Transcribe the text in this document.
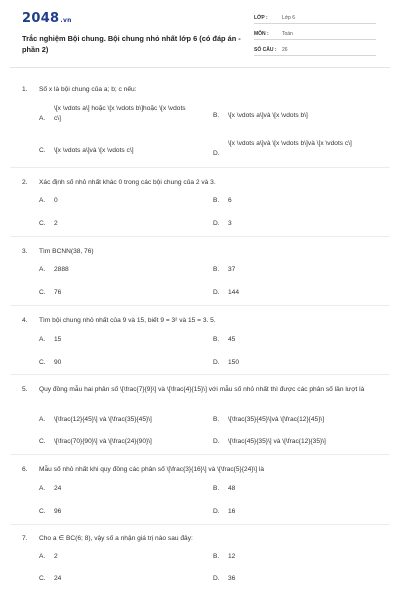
2048.vn
Trắc nghiệm Bội chung. Bội chung nhỏ nhất lớp 6 (có đáp án - phần 2)
LỚP :	Lớp 6
MÔN :	Toán
SỐ CÂU :	26
1.	Số x là bội chung của a; b; c nếu:
A.
\[x \vdots a\] hoặc \[x \vdots b\]hoặc \[x \vdots c\]	B.	\[x \vdots a\]và \[x \vdots b\]
C.	\[x \vdots a\]và \[x \vdots c\]	D.
\[x \vdots a\]và \[x \vdots b\]và \[x \vdots c\]
2.	Xác định số nhỏ nhất khác 0 trong các bội chung của 2 và 3.
A.	0	B.	6
C.	2	D.	3
3.	Tìm BCNN(38, 76)
A.	2888	B.	37
C.	76	D.	144
4.	Tìm bội chung nhỏ nhất của 9 và 15, biết 9 = 3² và 15 = 3. 5.
A.	15	B.	45
C.	90	D.	150
5.	Quy đồng mẫu hai phân số \[\frac{7}{9}\] và \[\frac{4}{15}\] với mẫu số nhỏ nhất thì được các phân số lần lượt là
A.	\[\frac{12}{45}\] và \[\frac{35}{45}\]	B.	\[\frac{35}{45}\]và \[\frac{12}{45}\]
C.	\[\frac{70}{90}\] và \[\frac{24}{90}\]	D.	\[\frac{45}{35}\] và \[\frac{12}{35}\]
6.	Mẫu số nhỏ nhất khi quy đồng các phân số \[\frac{3}{16}\] và \[\frac{5}{24}\] là
A.	24	B.	48
C.	96	D.	16
7.	Cho a ∈ BC(6; 8), vậy số a nhận giá trị nào sau đây:
A.	2	B.	12
C.	24	D.	36
